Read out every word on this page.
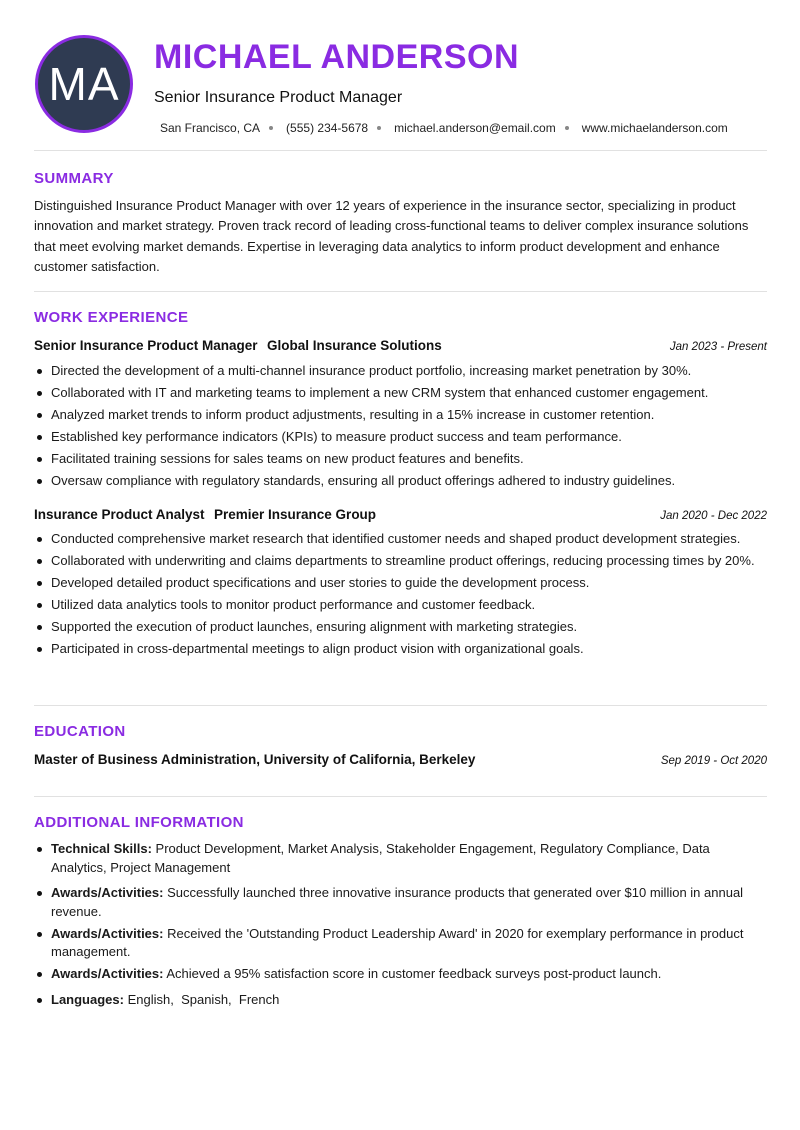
MA
MICHAEL ANDERSON
Senior Insurance Product Manager
San Francisco, CA (555) 234-5678 michael.anderson@email.com www.michaelanderson.com
SUMMARY
Distinguished Insurance Product Manager with over 12 years of experience in the insurance sector, specializing in product innovation and market strategy. Proven track record of leading cross-functional teams to deliver complex insurance solutions that meet evolving market demands. Expertise in leveraging data analytics to inform product development and enhance customer satisfaction.
WORK EXPERIENCE
Senior Insurance Product Manager Global Insurance Solutions	Jan 2023 - Present
Directed the development of a multi-channel insurance product portfolio, increasing market penetration by 30%.
Collaborated with IT and marketing teams to implement a new CRM system that enhanced customer engagement.
Analyzed market trends to inform product adjustments, resulting in a 15% increase in customer retention.
Established key performance indicators (KPIs) to measure product success and team performance.
Facilitated training sessions for sales teams on new product features and benefits.
Oversaw compliance with regulatory standards, ensuring all product offerings adhered to industry guidelines.
Insurance Product Analyst Premier Insurance Group	Jan 2020 - Dec 2022
Conducted comprehensive market research that identified customer needs and shaped product development strategies.
Collaborated with underwriting and claims departments to streamline product offerings, reducing processing times by 20%.
Developed detailed product specifications and user stories to guide the development process.
Utilized data analytics tools to monitor product performance and customer feedback.
Supported the execution of product launches, ensuring alignment with marketing strategies.
Participated in cross-departmental meetings to align product vision with organizational goals.
EDUCATION
Master of Business Administration, University of California, Berkeley	Sep 2019 - Oct 2020
ADDITIONAL INFORMATION
Technical Skills: Product Development, Market Analysis, Stakeholder Engagement, Regulatory Compliance, Data Analytics, Project Management
Awards/Activities: Successfully launched three innovative insurance products that generated over $10 million in annual revenue.
Awards/Activities: Received the 'Outstanding Product Leadership Award' in 2020 for exemplary performance in product management.
Awards/Activities: Achieved a 95% satisfaction score in customer feedback surveys post-product launch.
Languages: English,  Spanish,  French
